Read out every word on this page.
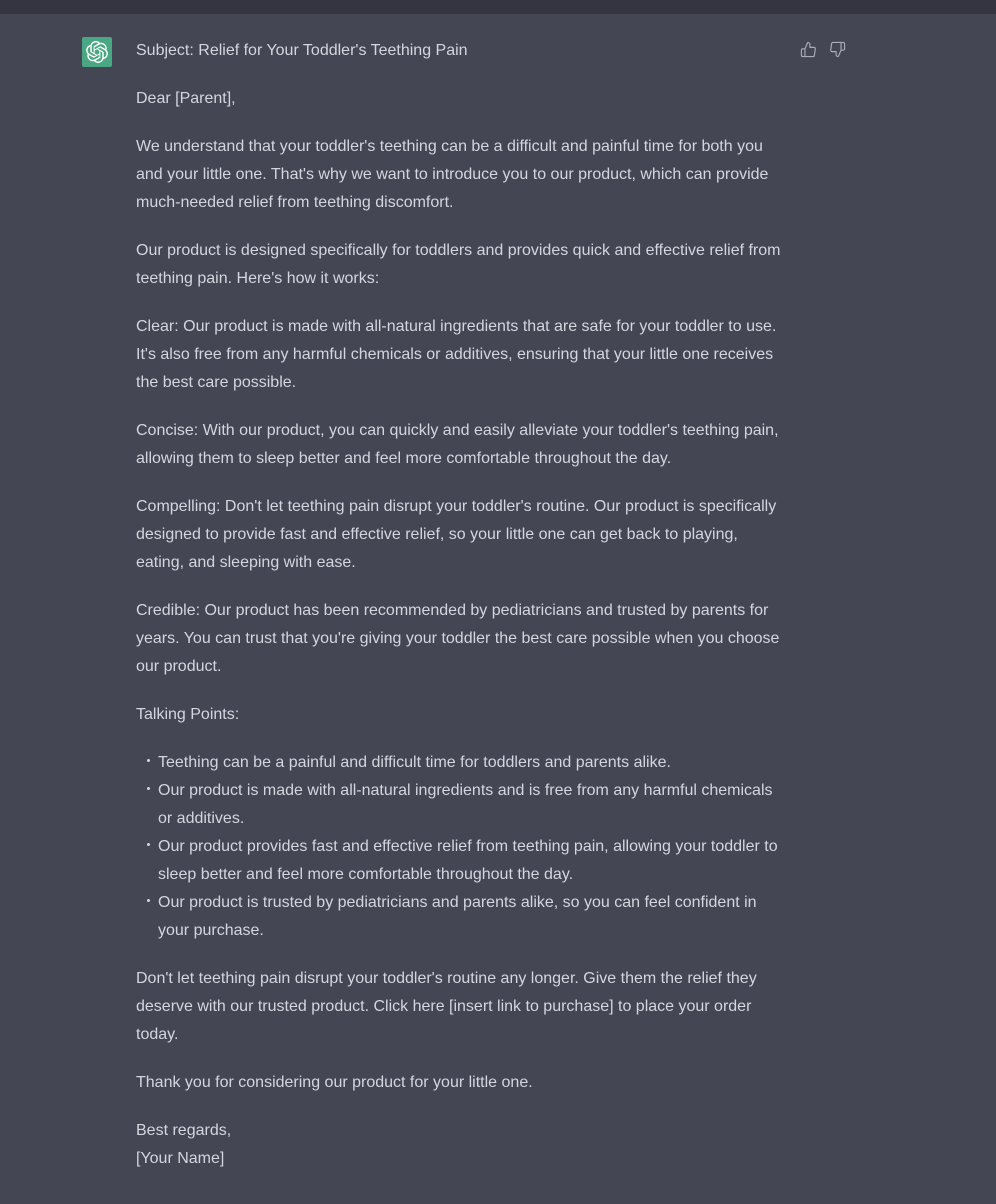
Subject: Relief for Your Toddler's Teething Pain

Dear [Parent],

We understand that your toddler's teething can be a difficult and painful time for both you and your little one. That's why we want to introduce you to our product, which can provide much-needed relief from teething discomfort.

Our product is designed specifically for toddlers and provides quick and effective relief from teething pain. Here's how it works:

Clear: Our product is made with all-natural ingredients that are safe for your toddler to use. It's also free from any harmful chemicals or additives, ensuring that your little one receives the best care possible.

Concise: With our product, you can quickly and easily alleviate your toddler's teething pain, allowing them to sleep better and feel more comfortable throughout the day.

Compelling: Don't let teething pain disrupt your toddler's routine. Our product is specifically designed to provide fast and effective relief, so your little one can get back to playing, eating, and sleeping with ease.

Credible: Our product has been recommended by pediatricians and trusted by parents for years. You can trust that you're giving your toddler the best care possible when you choose our product.

Talking Points:

Teething can be a painful and difficult time for toddlers and parents alike.
Our product is made with all-natural ingredients and is free from any harmful chemicals or additives.
Our product provides fast and effective relief from teething pain, allowing your toddler to sleep better and feel more comfortable throughout the day.
Our product is trusted by pediatricians and parents alike, so you can feel confident in your purchase.

Don't let teething pain disrupt your toddler's routine any longer. Give them the relief they deserve with our trusted product. Click here [insert link to purchase] to place your order today.

Thank you for considering our product for your little one.

Best regards,
[Your Name]
